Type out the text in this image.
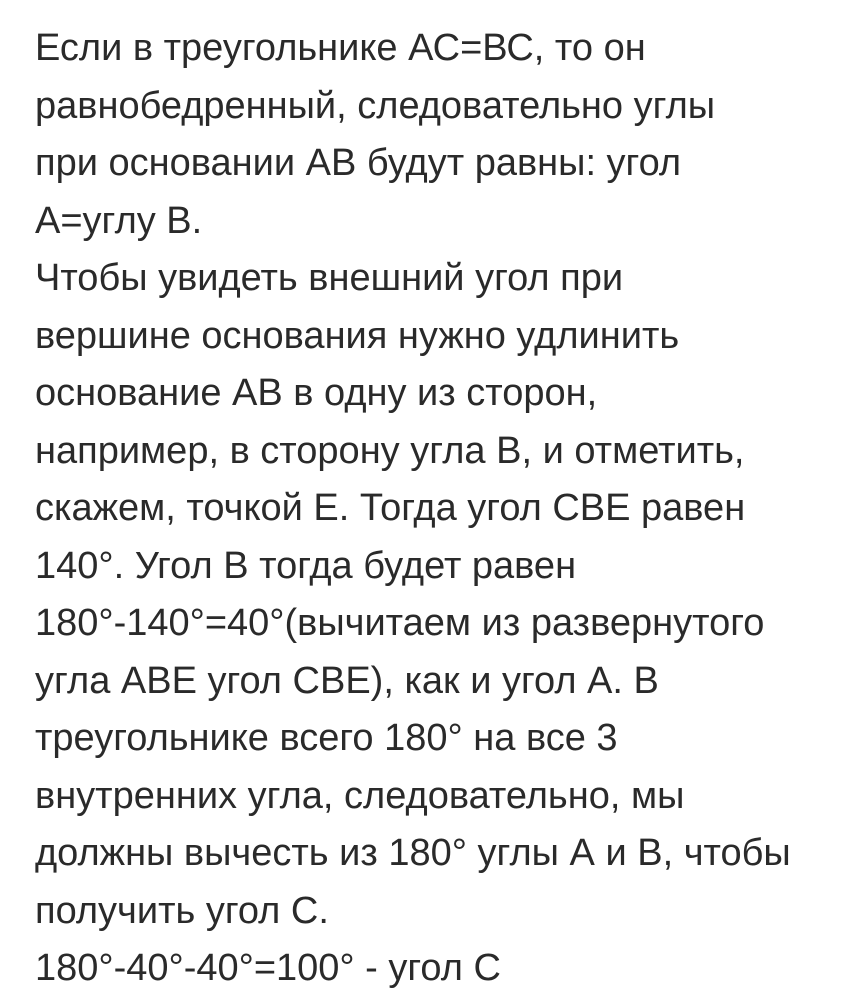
Если в треугольнике АС=ВС, то он
равнобедренный, следовательно углы
при основании АВ будут равны: угол
А=углу В.
Чтобы увидеть внешний угол при
вершине основания нужно удлинить
основание АВ в одну из сторон,
например, в сторону угла В, и отметить,
скажем, точкой Е. Тогда угол СВЕ равен
140°. Угол В тогда будет равен
180°-140°=40°(вычитаем из развернутого
угла АВЕ угол СВЕ), как и угол А. В
треугольнике всего 180° на все 3
внутренних угла, следовательно, мы
должны вычесть из 180° углы А и В, чтобы
получить угол С.
180°-40°-40°=100° - угол С
